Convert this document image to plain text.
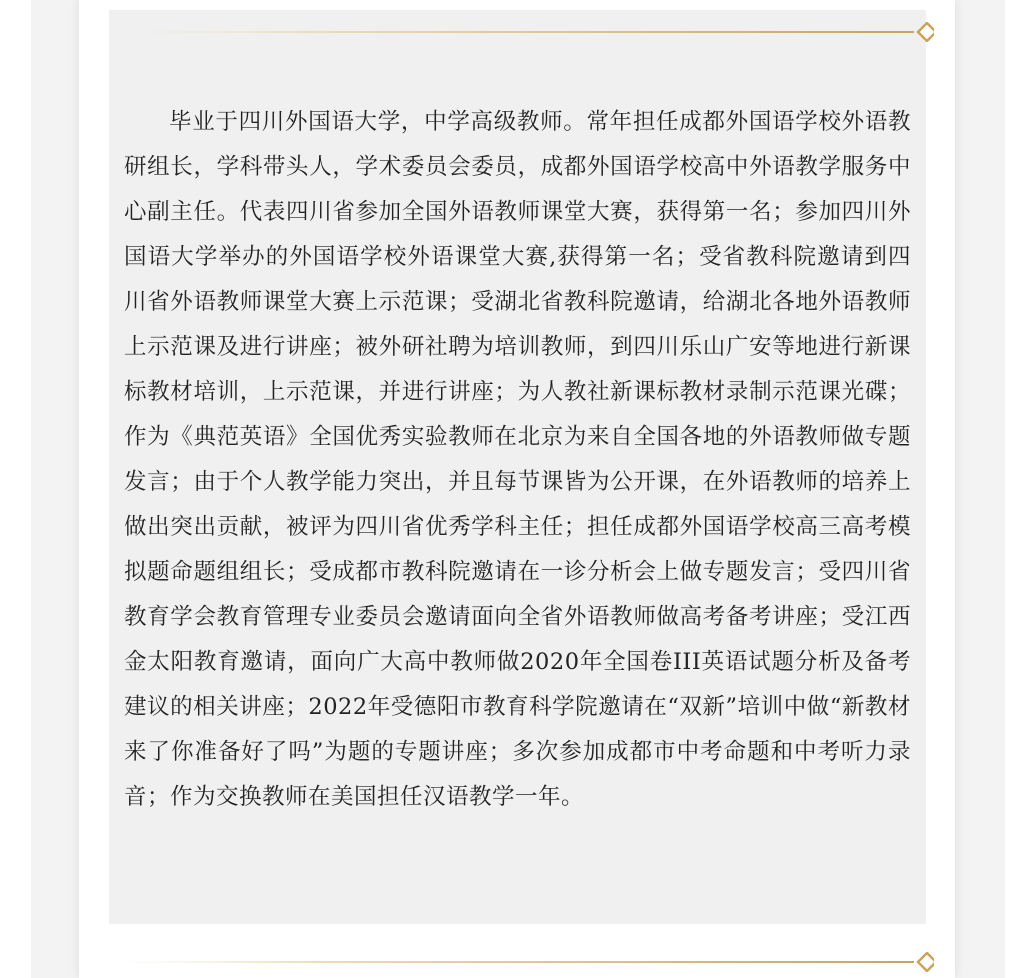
毕业于四川外国语大学，中学高级教师。常年担任成都外国语学校外语教研组长，学科带头人，学术委员会委员，成都外国语学校高中外语教学服务中心副主任。代表四川省参加全国外语教师课堂大赛，获得第一名；参加四川外国语大学举办的外国语学校外语课堂大赛,获得第一名；受省教科院邀请到四川省外语教师课堂大赛上示范课；受湖北省教科院邀请，给湖北各地外语教师上示范课及进行讲座；被外研社聘为培训教师，到四川乐山广安等地进行新课标教材培训，上示范课，并进行讲座；为人教社新课标教材录制示范课光碟；作为《典范英语》全国优秀实验教师在北京为来自全国各地的外语教师做专题发言；由于个人教学能力突出，并且每节课皆为公开课，在外语教师的培养上做出突出贡献，被评为四川省优秀学科主任；担任成都外国语学校高三高考模拟题命题组组长；受成都市教科院邀请在一诊分析会上做专题发言；受四川省教育学会教育管理专业委员会邀请面向全省外语教师做高考备考讲座；受江西金太阳教育邀请，面向广大高中教师做2020年全国卷III英语试题分析及备考建议的相关讲座；2022年受德阳市教育科学院邀请在“双新”培训中做“新教材来了你准备好了吗”为题的专题讲座；多次参加成都市中考命题和中考听力录音；作为交换教师在美国担任汉语教学一年。
